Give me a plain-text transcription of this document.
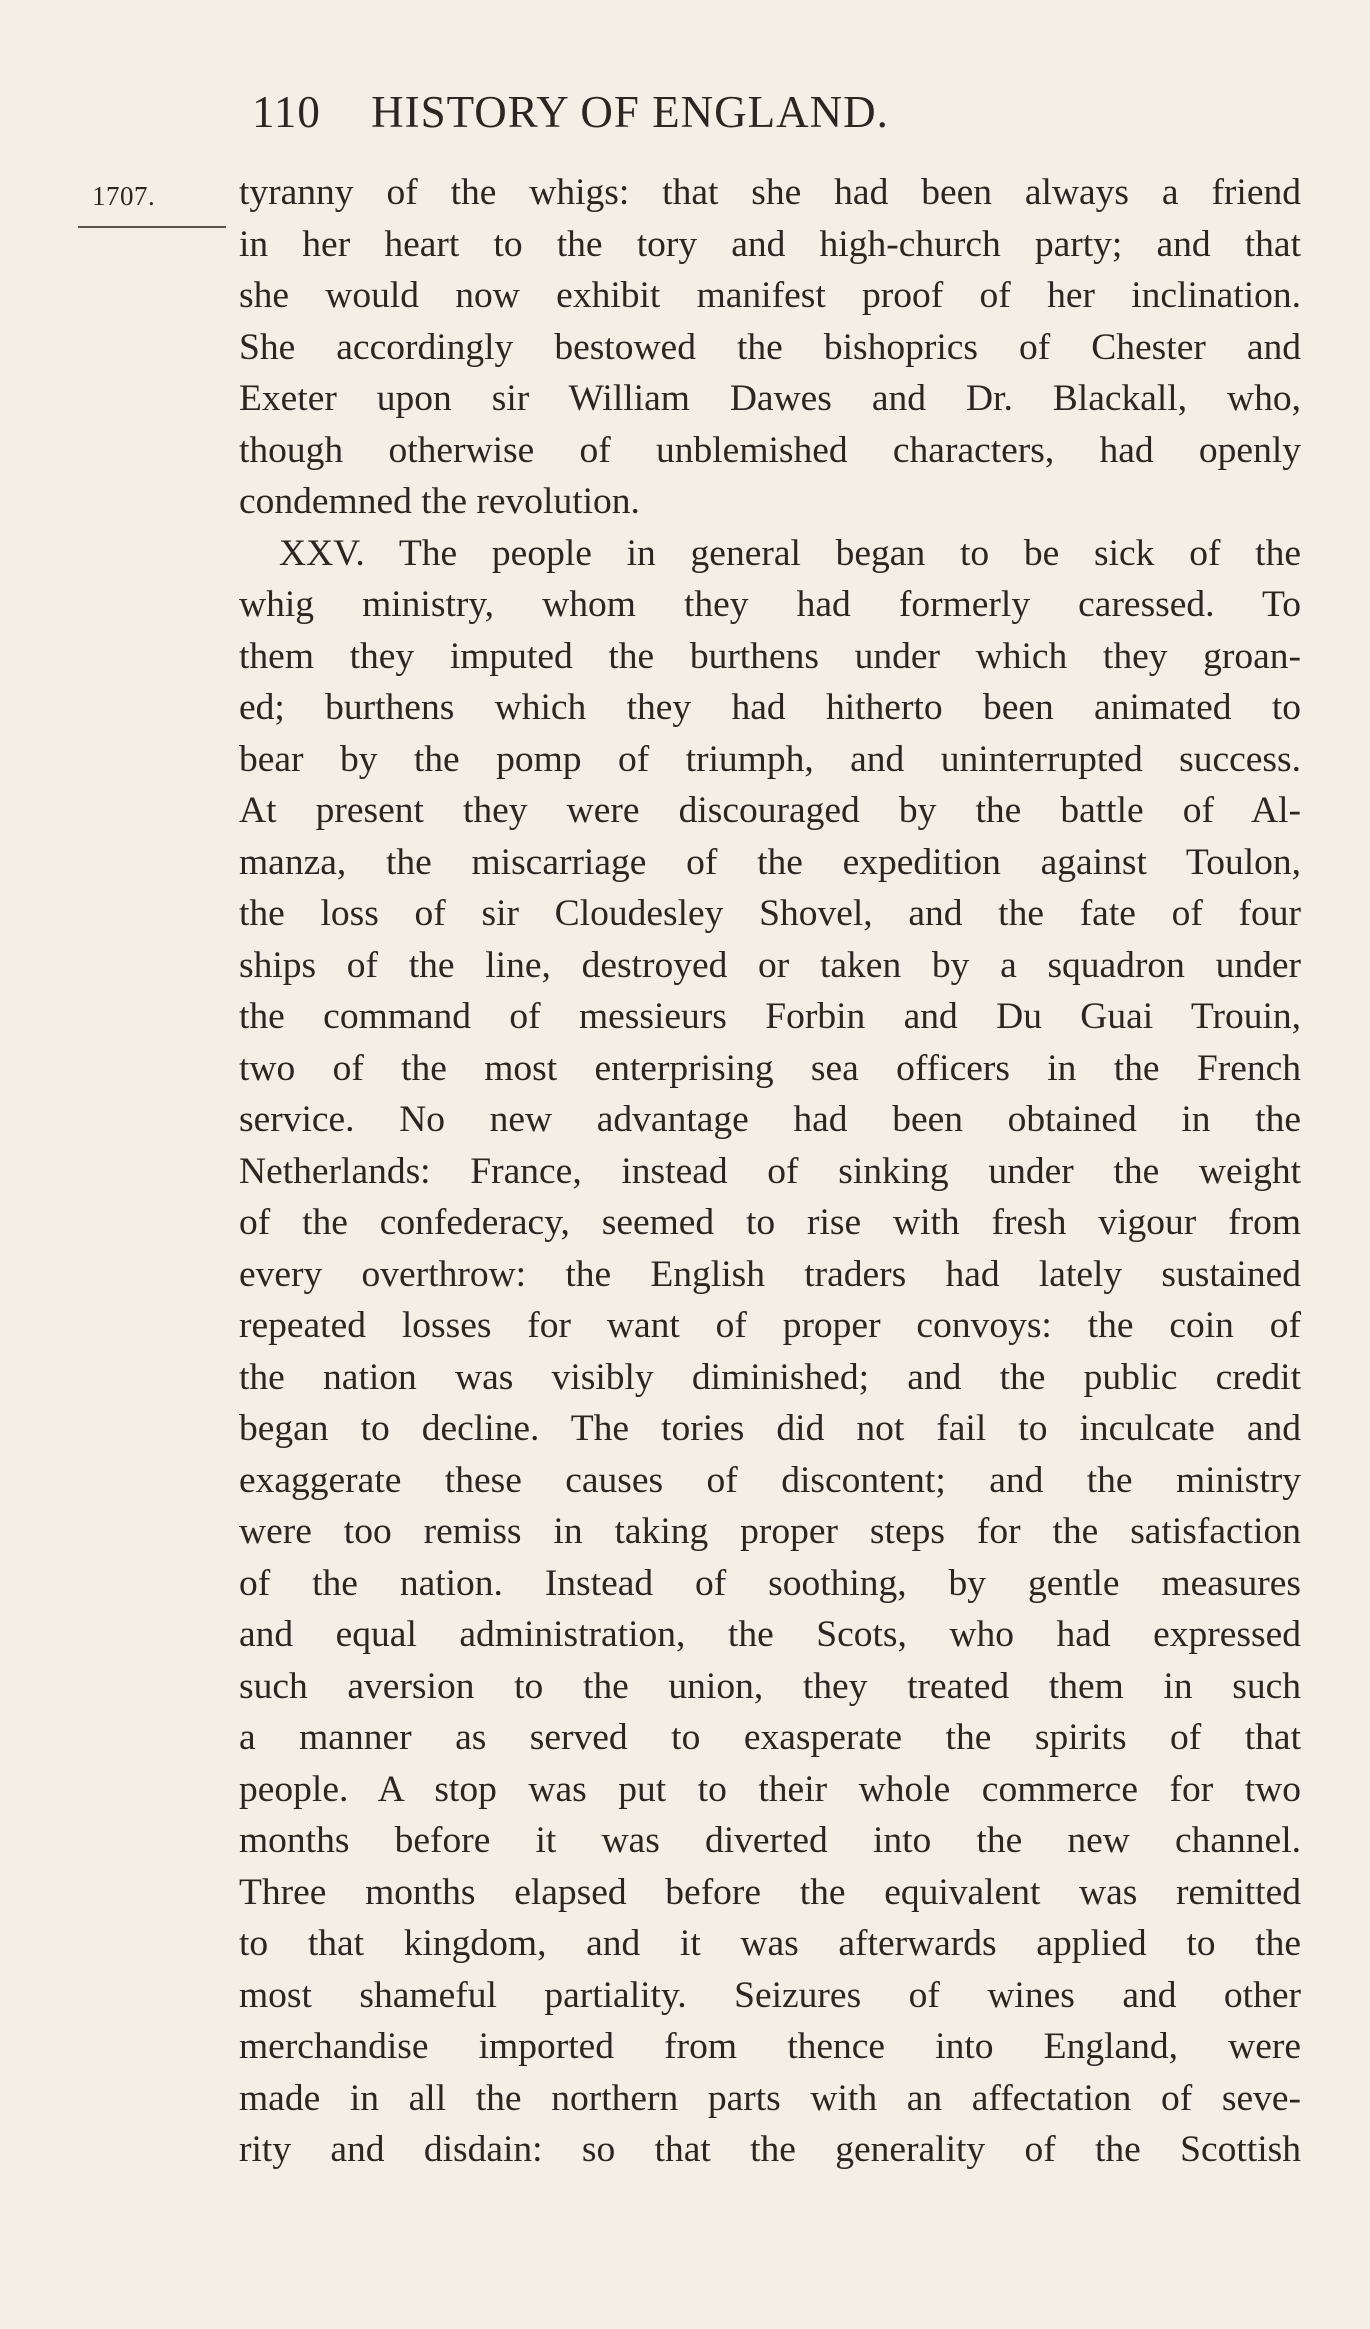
110 HISTORY OF ENGLAND.
1707. tyranny of the whigs: that she had been always a friend
in her heart to the tory and high-church party; and that
she would now exhibit manifest proof of her inclination.
She accordingly bestowed the bishoprics of Chester and
Exeter upon sir William Dawes and Dr. Blackall, who,
though otherwise of unblemished characters, had openly
condemned the revolution.
XXV. The people in general began to be sick of the
whig ministry, whom they had formerly caressed. To
them they imputed the burthens under which they groan-
ed; burthens which they had hitherto been animated to
bear by the pomp of triumph, and uninterrupted success.
At present they were discouraged by the battle of Al-
manza, the miscarriage of the expedition against Toulon,
the loss of sir Cloudesley Shovel, and the fate of four
ships of the line, destroyed or taken by a squadron under
the command of messieurs Forbin and Du Guai Trouin,
two of the most enterprising sea officers in the French
service. No new advantage had been obtained in the
Netherlands: France, instead of sinking under the weight
of the confederacy, seemed to rise with fresh vigour from
every overthrow: the English traders had lately sustained
repeated losses for want of proper convoys: the coin of
the nation was visibly diminished; and the public credit
began to decline. The tories did not fail to inculcate and
exaggerate these causes of discontent; and the ministry
were too remiss in taking proper steps for the satisfaction
of the nation. Instead of soothing, by gentle measures
and equal administration, the Scots, who had expressed
such aversion to the union, they treated them in such
a manner as served to exasperate the spirits of that
people. A stop was put to their whole commerce for two
months before it was diverted into the new channel.
Three months elapsed before the equivalent was remitted
to that kingdom, and it was afterwards applied to the
most shameful partiality. Seizures of wines and other
merchandise imported from thence into England, were
made in all the northern parts with an affectation of seve-
rity and disdain: so that the generality of the Scottish
